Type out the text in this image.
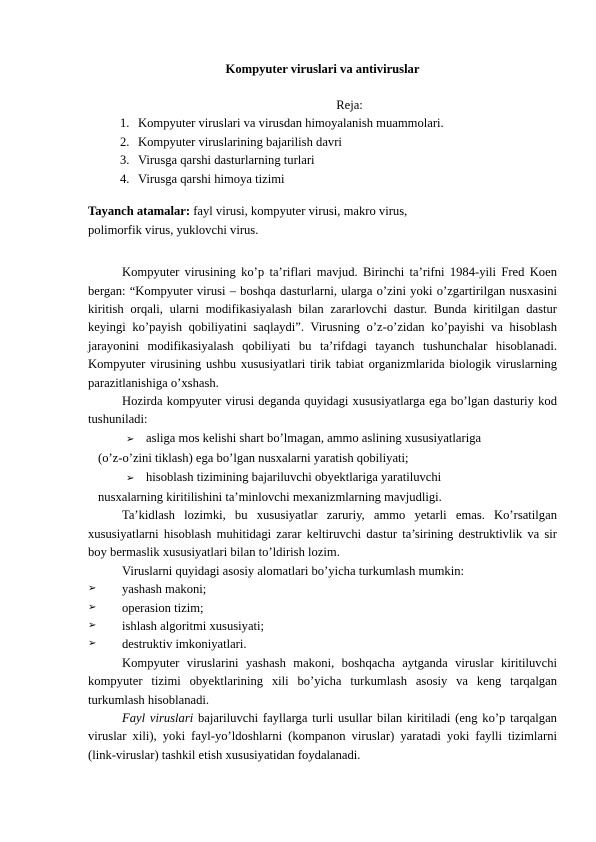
Kompyuter viruslari va antiviruslar
Reja:
1. Kompyuter viruslari va virusdan himoyalanish muammolari.
2. Kompyuter viruslarining bajarilish davri
3. Virusga qarshi dasturlarning turlari
4. Virusga qarshi himoya tizimi
Tayanch atamalar: fayl virusi, kompyuter virusi, makro virus,
polimorfik virus, yuklovchi virus.

Kompyuter virusining ko’p ta’riflari mavjud. Birinchi ta’rifni 1984-yili Fred Koen bergan: “Kompyuter virusi – boshqa dasturlarni, ularga o’zini yoki o’zgartirilgan nusxasini kiritish orqali, ularni modifikasiyalash bilan zararlovchi dastur. Bunda kiritilgan dastur keyingi ko’payish qobiliyatini saqlaydi”. Virusning o’z-o’zidan ko’payishi va hisoblash jarayonini modifikasiyalash qobiliyati bu ta’rifdagi tayanch tushunchalar hisoblanadi. Kompyuter virusining ushbu xususiyatlari tirik tabiat organizmlarida biologik viruslarning parazitlanishiga o’xshash.

Hozirda kompyuter virusi deganda quyidagi xususiyatlarga ega bo’lgan dasturiy kod tushuniladi:

➢ asliga mos kelishi shart bo’lmagan, ammo aslining xususiyatlariga
(o’z-o’zini tiklash) ega bo’lgan nusxalarni yaratish qobiliyati;
➢ hisoblash tizimining bajariluvchi obyektlariga yaratiluvchi
nusxalarning kiritilishini ta’minlovchi mexanizmlarning mavjudligi.

Ta’kidlash lozimki, bu xususiyatlar zaruriy, ammo yetarli emas. Ko’rsatilgan xususiyatlarni hisoblash muhitidagi zarar keltiruvchi dastur ta’sirining destruktivlik va sir boy bermaslik xususiyatlari bilan to’ldirish lozim.

Viruslarni quyidagi asosiy alomatlari bo’yicha turkumlash mumkin:

➢	yashash makoni;
➢	operasion tizim;
➢	ishlash algoritmi xususiyati;
➢	destruktiv imkoniyatlari.

Kompyuter viruslarini yashash makoni, boshqacha aytganda viruslar kiritiluvchi kompyuter tizimi obyektlarining xili bo’yicha turkumlash asosiy va keng tarqalgan turkumlash hisoblanadi.

Fayl viruslari bajariluvchi fayllarga turli usullar bilan kiritiladi (eng ko’p tarqalgan viruslar xili), yoki fayl-yo’ldoshlarni (kompanon viruslar) yaratadi yoki faylli tizimlarni (link-viruslar) tashkil etish xususiyatidan foydalanadi.
